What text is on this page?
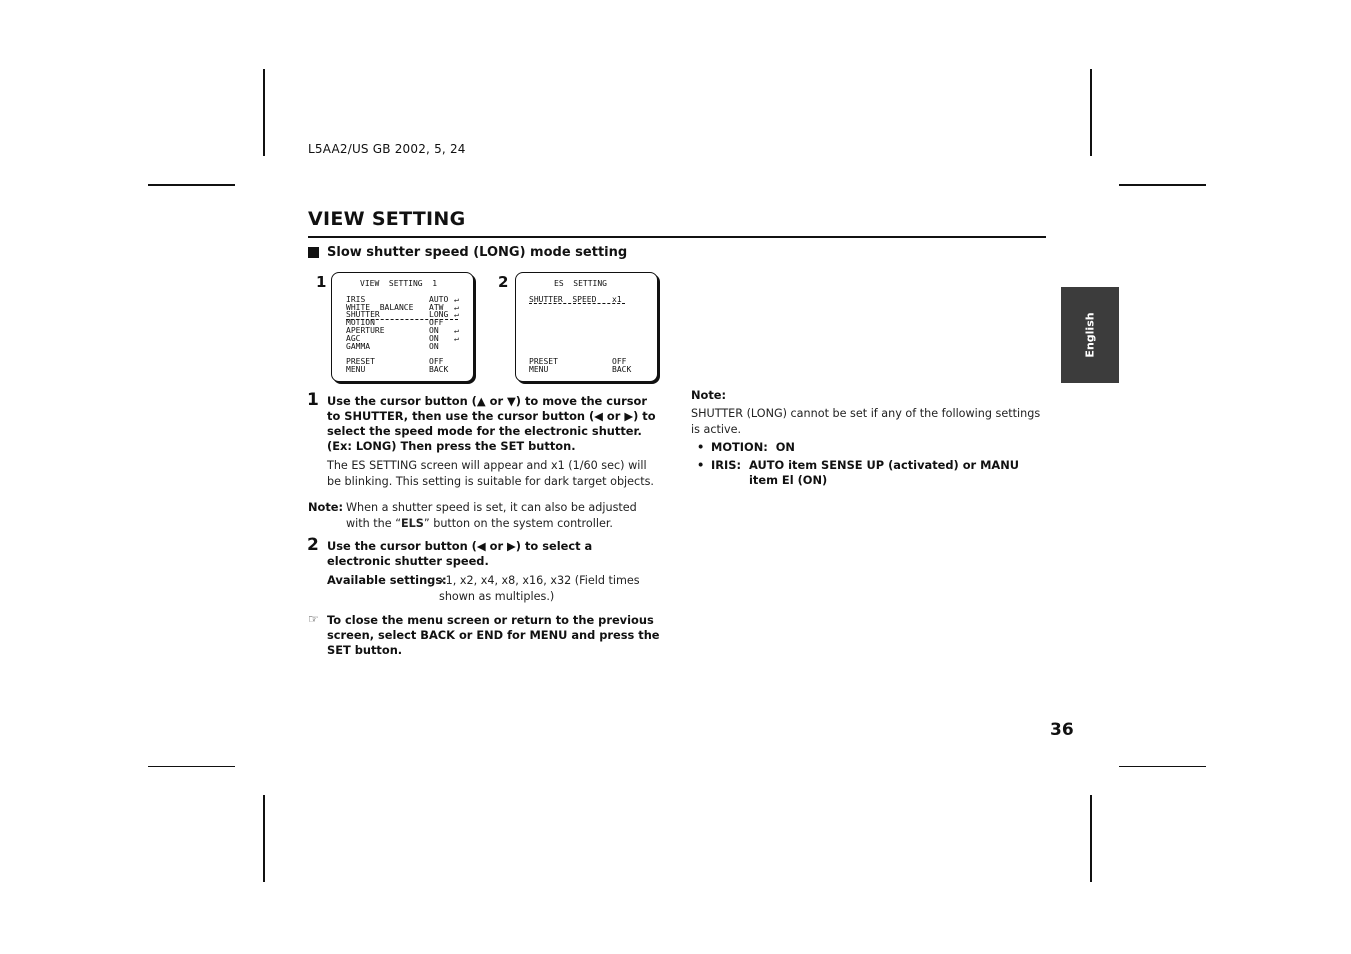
L5AA2/US GB 2002, 5, 24
VIEW SETTING
Slow shutter speed (LONG) mode setting
1	VIEW  SETTING  1
IRIS	AUTO ↵
WHITE  BALANCE ATW ↵
SHUTTER	LONG ↵
MOTION	OFF
APERTURE	ON ↵
AGC	ON ↵
GAMMA	ON
PRESET	OFF
MENU	BACK
2	ES  SETTING
SHUTTER  SPEED x1
PRESET	OFF
MENU	BACK
1 Use the cursor button (▲ or ▼) to move the cursor to SHUTTER, then use the cursor button (◀ or ▶) to select the speed mode for the electronic shutter. (Ex: LONG) Then press the SET button.
The ES SETTING screen will appear and x1 (1/60 sec) will be blinking. This setting is suitable for dark target objects.
Note: When a shutter speed is set, it can also be adjusted with the “ELS” button on the system controller.
2 Use the cursor button (◀ or ▶) to select a electronic shutter speed.
Available settings:
x1, x2, x4, x8, x16, x32 (Field times shown as multiples.)
☞ To close the menu screen or return to the previous screen, select BACK or END for MENU and press the SET button.
Note:
SHUTTER (LONG) cannot be set if any of the following settings is active.
• MOTION: ON
• IRIS: AUTO item SENSE UP (activated) or MANU item El (ON)
English
36
